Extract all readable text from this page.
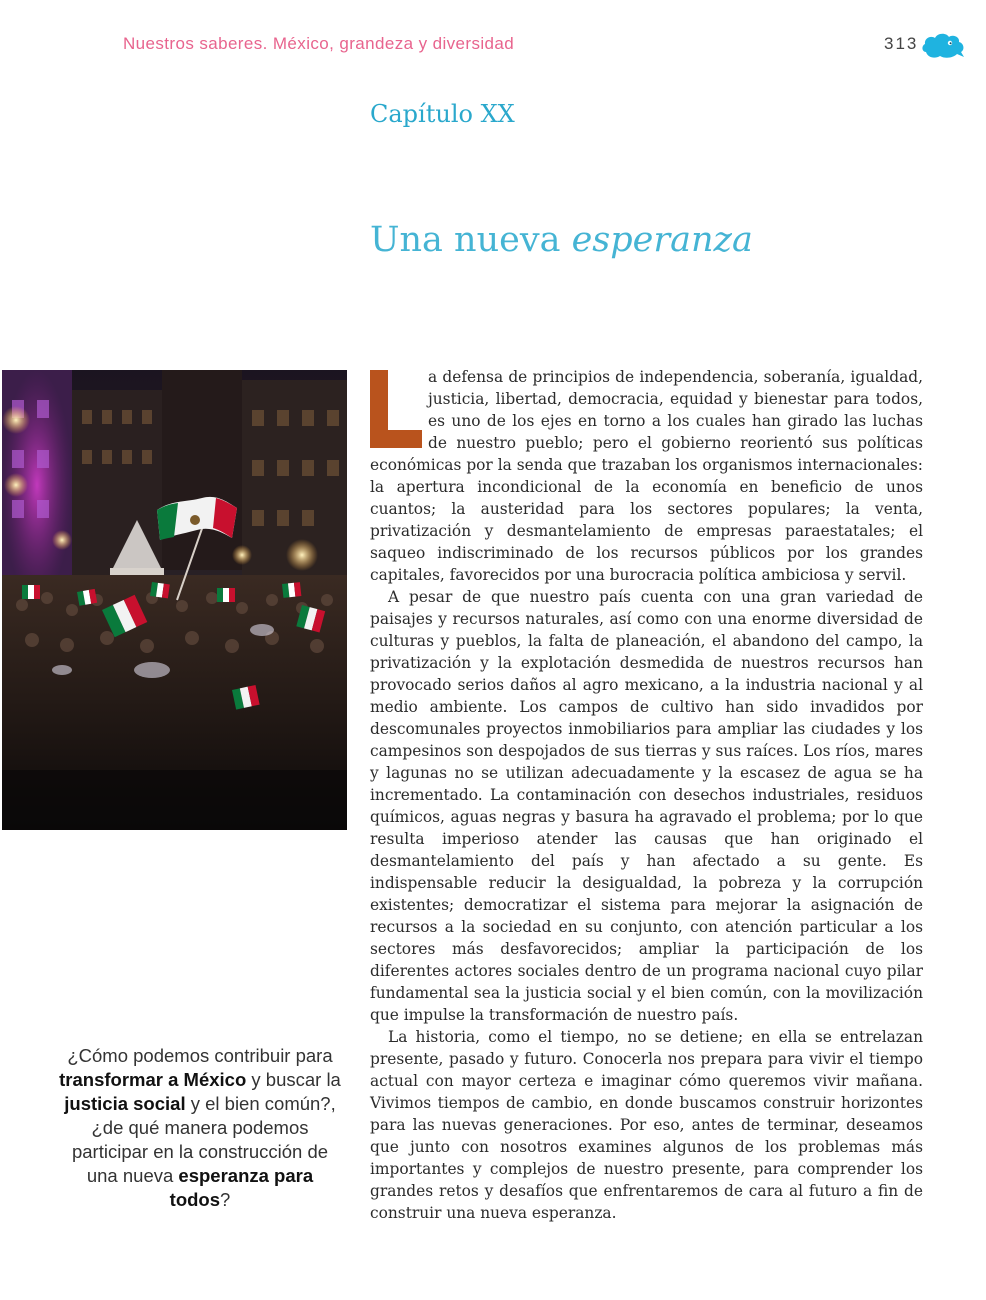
Nuestros saberes. México, grandeza y diversidad	313
Capítulo XX
Una nueva esperanza

¿Cómo podemos contribuir para transformar a México y buscar la justicia social y el bien común?, ¿de qué manera podemos participar en la construcción de una nueva esperanza para todos?

a defensa de principios de independencia, soberanía, igualdad, justicia, libertad, democracia, equidad y bienestar para todos, es uno de los ejes en torno a los cuales han girado las luchas de nuestro pueblo; pero el gobierno reorientó sus políticas económicas por la senda que trazaban los organismos internacionales: la apertura incondicional de la economía en beneficio de unos cuantos; la austeridad para los sectores populares; la venta, privatización y desmantelamiento de empresas paraestatales; el saqueo indiscriminado de los recursos públicos por los grandes capitales, favorecidos por una burocracia política ambiciosa y servil.

A pesar de que nuestro país cuenta con una gran variedad de paisajes y recursos naturales, así como con una enorme diversidad de culturas y pueblos, la falta de planeación, el abandono del campo, la privatización y la explotación desmedida de nuestros recursos han provocado serios daños al agro mexicano, a la industria nacional y al medio ambiente. Los campos de cultivo han sido invadidos por descomunales proyectos inmobiliarios para ampliar las ciudades y los campesinos son despojados de sus tierras y sus raíces. Los ríos, mares y lagunas no se utilizan adecuadamente y la escasez de agua se ha incrementado. La contaminación con desechos industriales, residuos químicos, aguas negras y basura ha agravado el problema; por lo que resulta imperioso atender las causas que han originado el desmantelamiento del país y han afectado a su gente. Es indispensable reducir la desigualdad, la pobreza y la corrupción existentes; democratizar el sistema para mejorar la asignación de recursos a la sociedad en su conjunto, con atención particular a los sectores más desfavorecidos; ampliar la participación de los diferentes actores sociales dentro de un programa nacional cuyo pilar fundamental sea la justicia social y el bien común, con la movilización que impulse la transformación de nuestro país.

La historia, como el tiempo, no se detiene; en ella se entrelazan presente, pasado y futuro. Conocerla nos prepara para vivir el tiempo actual con mayor certeza e imaginar cómo queremos vivir mañana. Vivimos tiempos de cambio, en donde buscamos construir horizontes para las nuevas generaciones. Por eso, antes de terminar, deseamos que junto con nosotros examines algunos de los problemas más importantes y complejos de nuestro presente, para comprender los grandes retos y desafíos que enfrentaremos de cara al futuro a fin de construir una nueva esperanza.
